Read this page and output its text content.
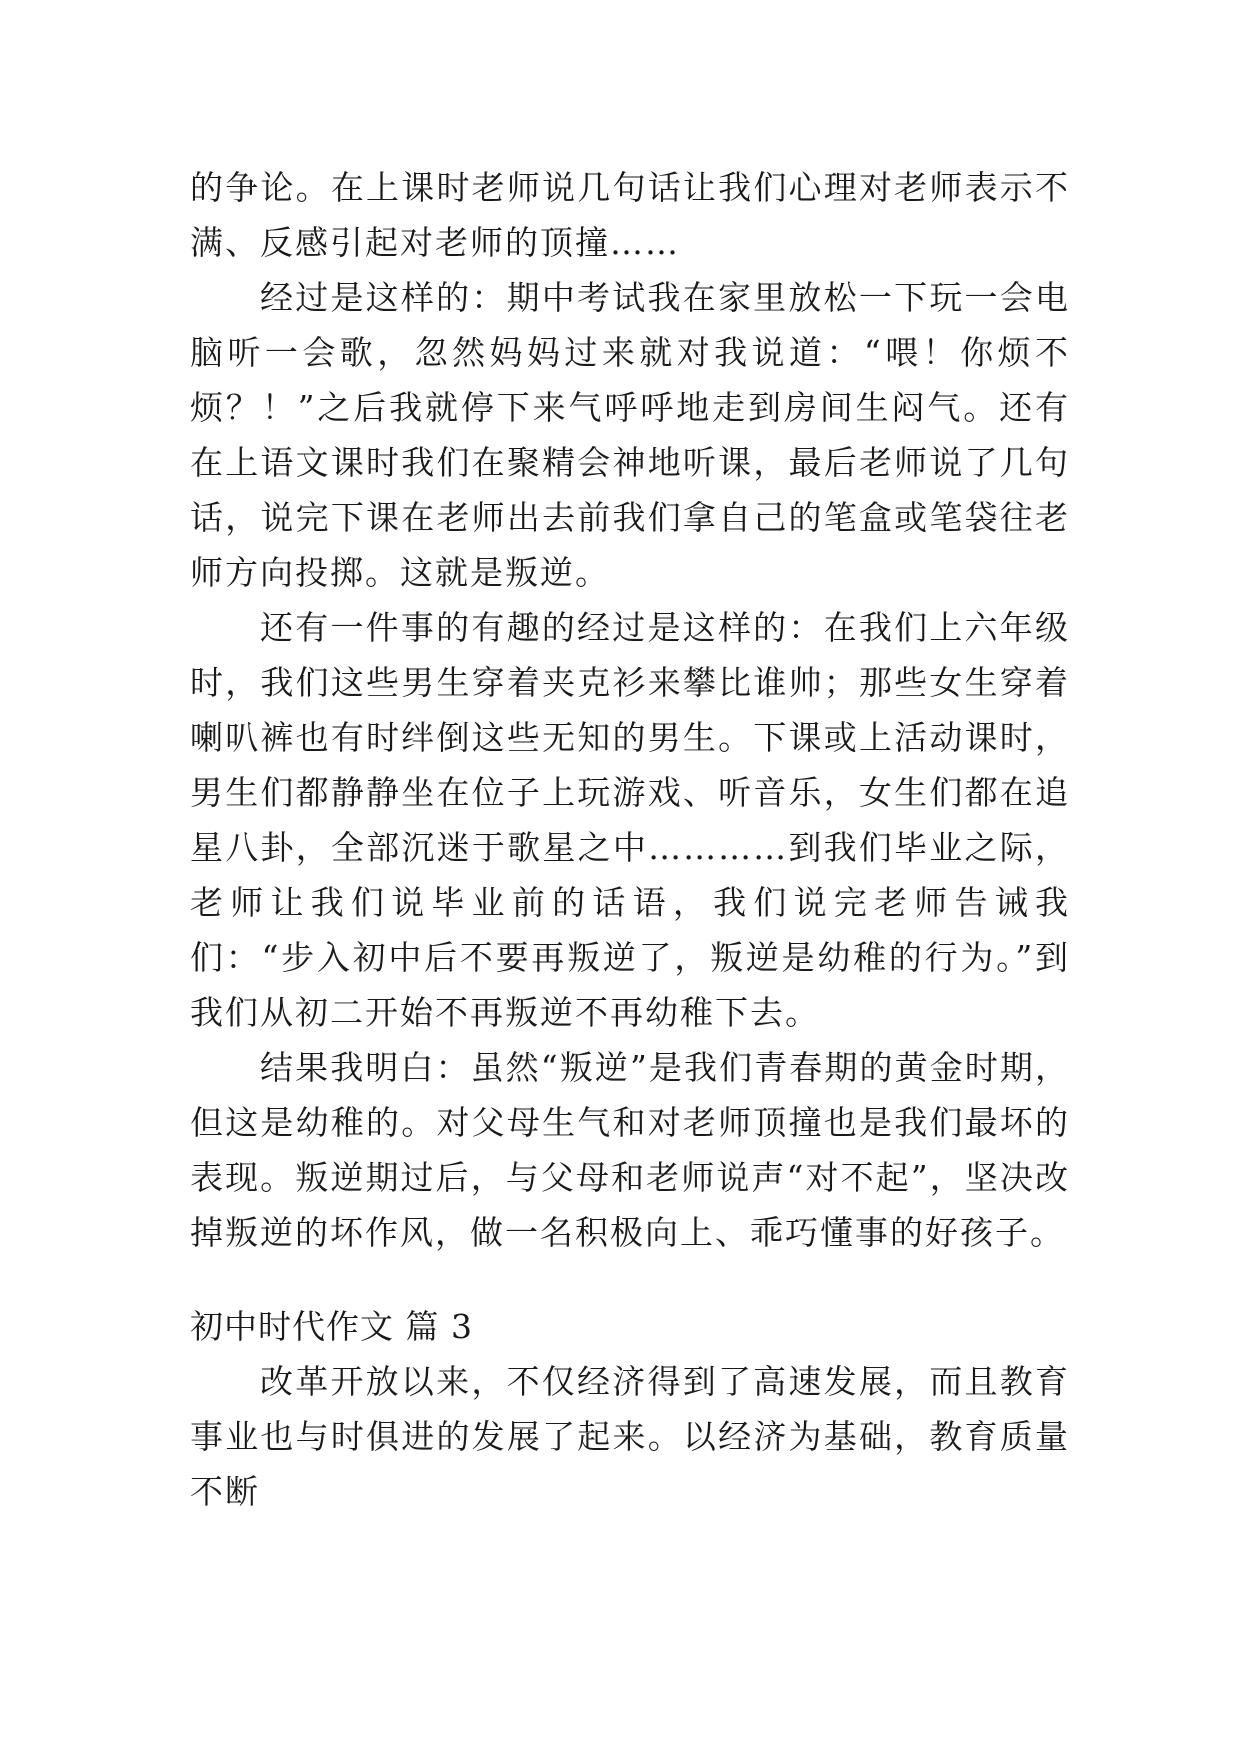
的争论。在上课时老师说几句话让我们心理对老师表示不满、反感引起对老师的顶撞……

经过是这样的：期中考试我在家里放松一下玩一会电脑听一会歌，忽然妈妈过来就对我说道：“喂！你烦不烦？！”之后我就停下来气呼呼地走到房间生闷气。还有在上语文课时我们在聚精会神地听课，最后老师说了几句话，说完下课在老师出去前我们拿自己的笔盒或笔袋往老师方向投掷。这就是叛逆。

还有一件事的有趣的经过是这样的：在我们上六年级时，我们这些男生穿着夹克衫来攀比谁帅；那些女生穿着喇叭裤也有时绊倒这些无知的男生。下课或上活动课时，男生们都静静坐在位子上玩游戏、听音乐，女生们都在追星八卦，全部沉迷于歌星之中…………到我们毕业之际，老师让我们说毕业前的话语，我们说完老师告诫我们：“步入初中后不要再叛逆了，叛逆是幼稚的行为。”到我们从初二开始不再叛逆不再幼稚下去。

结果我明白：虽然“叛逆”是我们青春期的黄金时期，但这是幼稚的。对父母生气和对老师顶撞也是我们最坏的表现。叛逆期过后，与父母和老师说声“对不起”，坚决改掉叛逆的坏作风，做一名积极向上、乖巧懂事的好孩子。

初中时代作文 篇 3

改革开放以来，不仅经济得到了高速发展，而且教育事业也与时俱进的发展了起来。以经济为基础，教育质量不断
